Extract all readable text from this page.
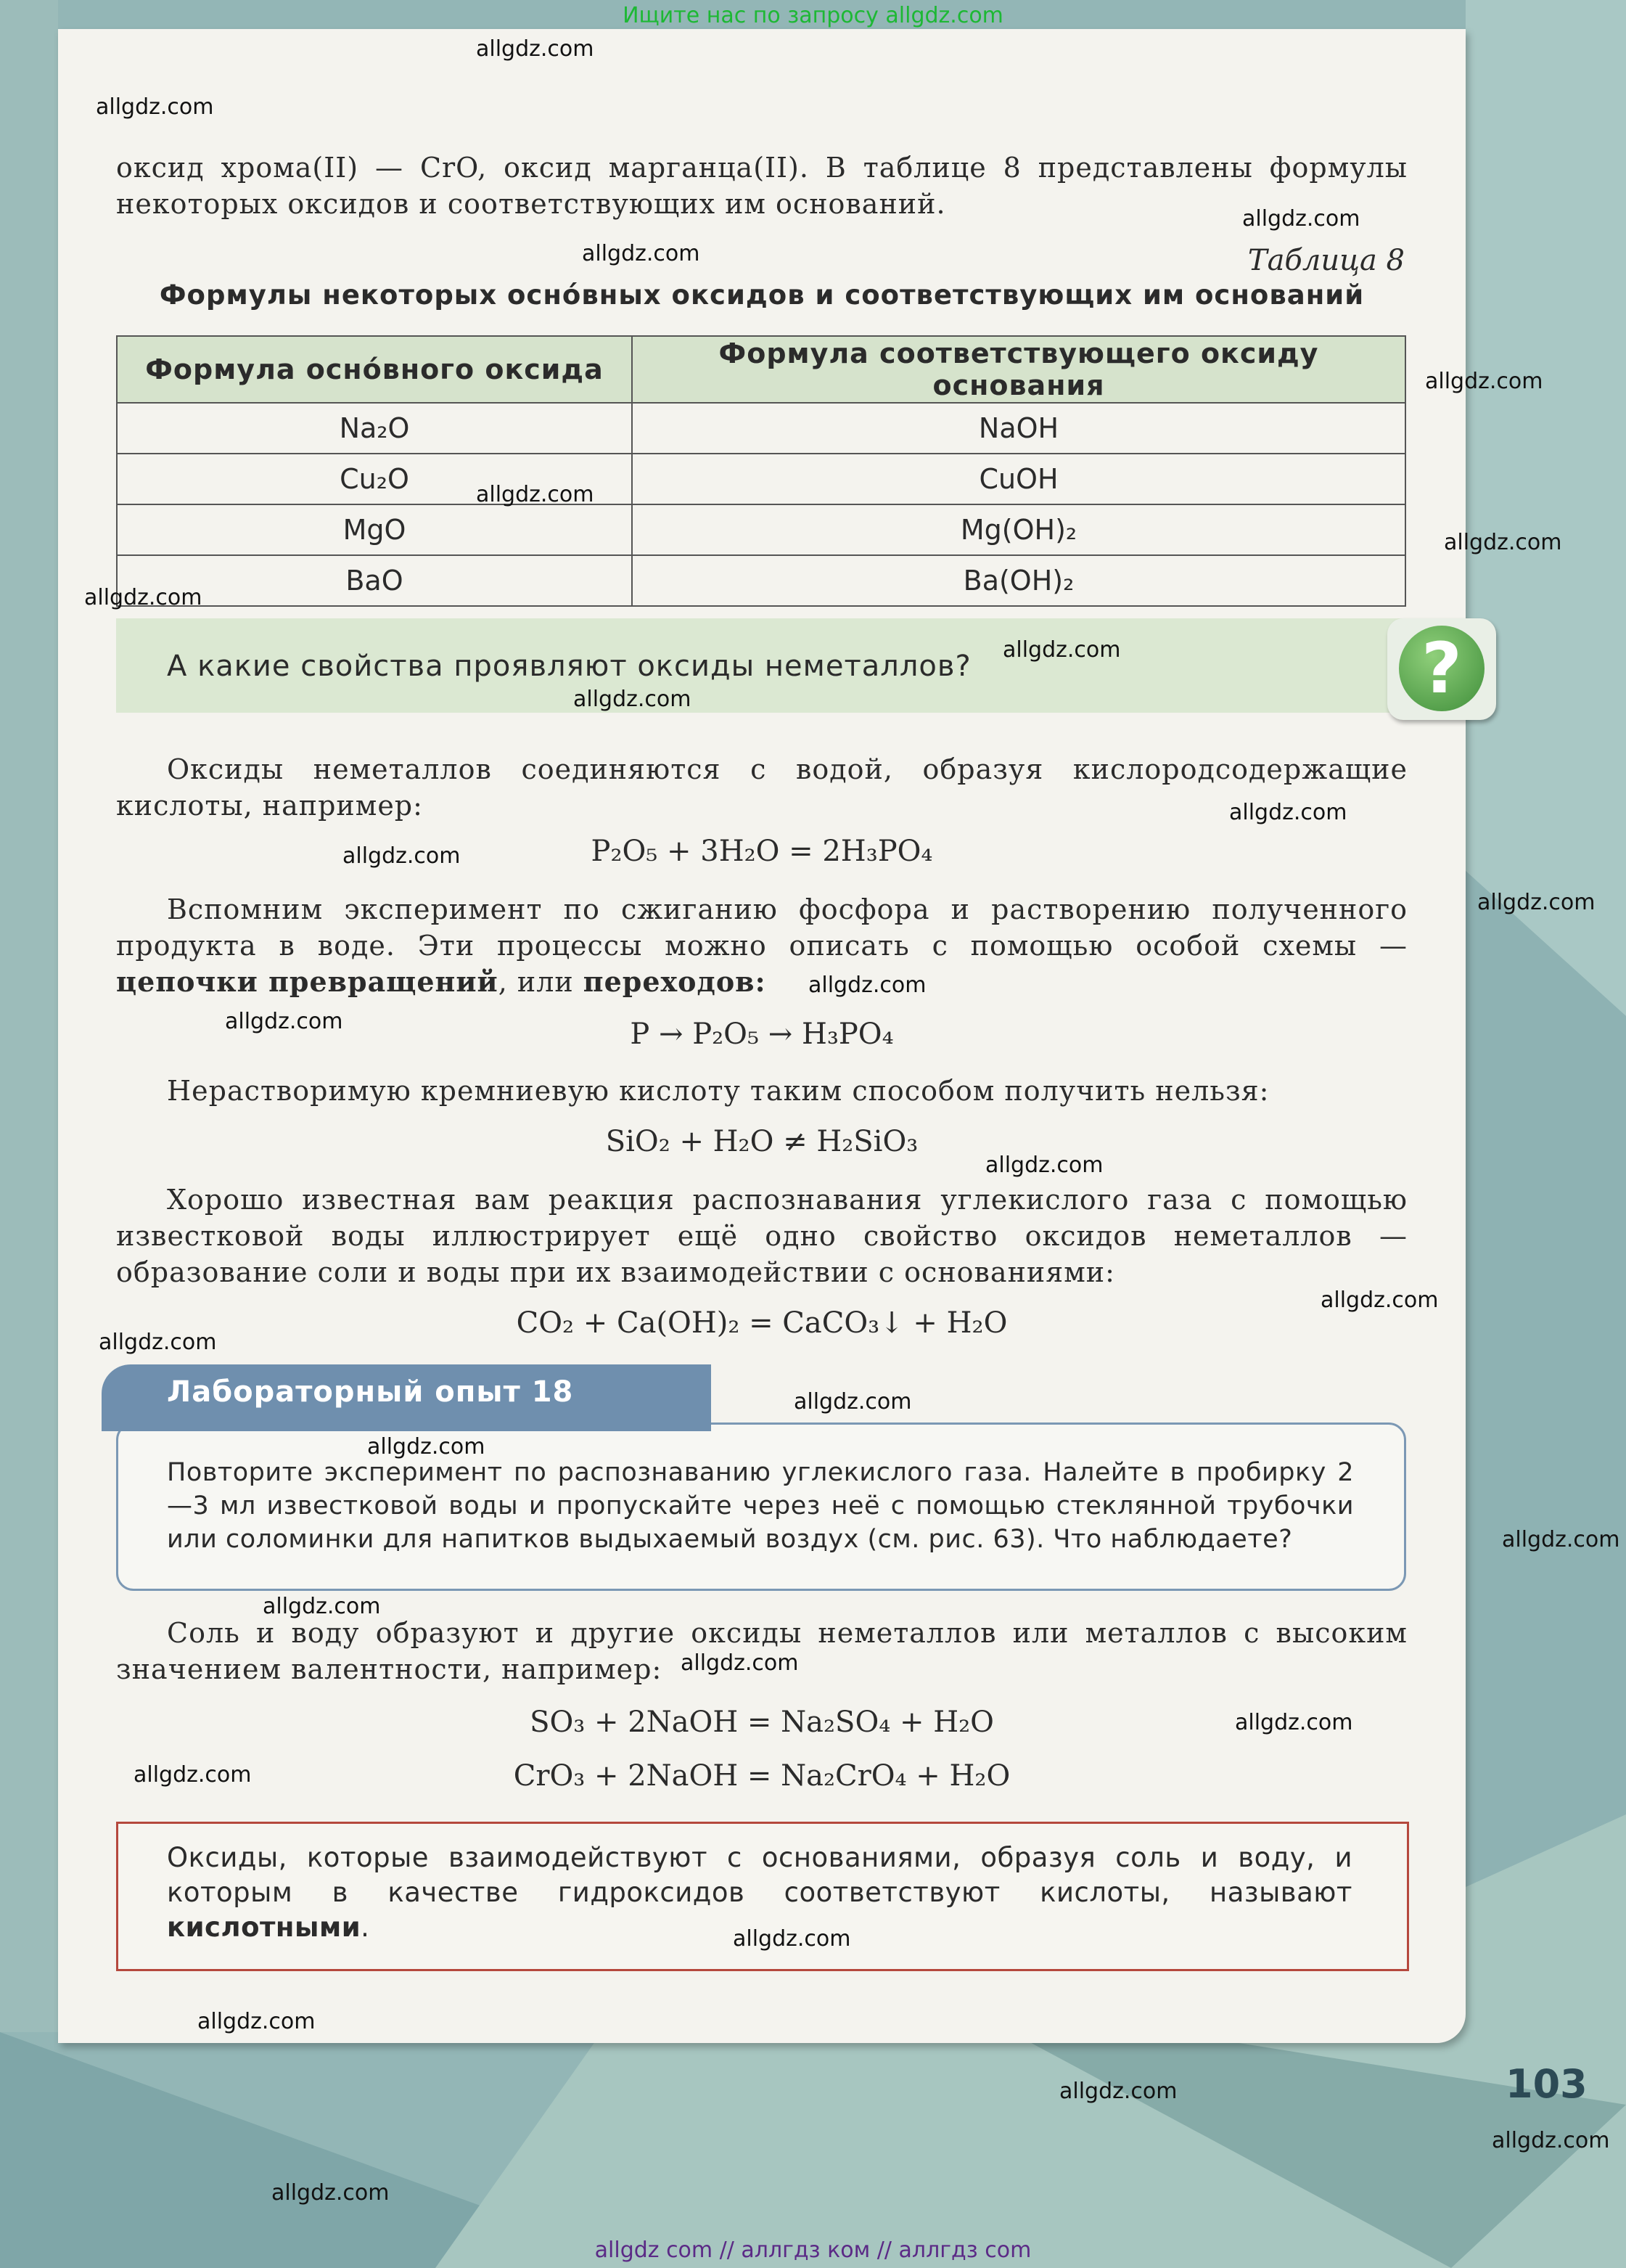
Ищите нас по запросу allgdz.com
оксид хрома(II) — CrO, оксид марганца(II). В таблице 8 представлены формулы некоторых оксидов и соответствующих им оснований.
Таблица 8
Формулы некоторых осно́вных оксидов и соответствующих им оснований
Формула осно́вного оксида	Формула соответствующего оксиду основания
Na₂O	NaOH
Cu₂O	CuOH
MgO	Mg(OH)₂
BaO	Ba(OH)₂
А какие свойства проявляют оксиды неметаллов?	?
Оксиды неметаллов соединяются с водой, образуя кислородсодержащие кислоты, например:
P₂O₅ + 3H₂O = 2H₃PO₄
Вспомним эксперимент по сжиганию фосфора и растворению полученного продукта в воде. Эти процессы можно описать с помощью особой схемы — цепочки превращений, или переходов:
P → P₂O₅ → H₃PO₄
Нерастворимую кремниевую кислоту таким способом получить нельзя:
SiO₂ + H₂O ≠ H₂SiO₃
Хорошо известная вам реакция распознавания углекислого газа с помощью известковой воды иллюстрирует ещё одно свойство оксидов неметаллов — образование соли и воды при их взаимодействии с основаниями:
CO₂ + Ca(OH)₂ = CaCO₃↓ + H₂O
Лабораторный опыт 18
Повторите эксперимент по распознаванию углекислого газа. Налейте в пробирку 2—3 мл известковой воды и пропускайте через неё с помощью стеклянной трубочки или соломинки для напитков выдыхаемый воздух (см. рис. 63). Что наблюдаете?
Соль и воду образуют и другие оксиды неметаллов или металлов с высоким значением валентности, например:
SO₃ + 2NaOH = Na₂SO₄ + H₂O
CrO₃ + 2NaOH = Na₂CrO₄ + H₂O
Оксиды, которые взаимодействуют с основаниями, образуя соль и воду, и которым в качестве гидроксидов соответствуют кислоты, называют кислотными.
103
allgdz.com
allgdz.com
allgdz.com
allgdz.com
allgdz.com
allgdz.com
allgdz.com
allgdz.com
allgdz.com
allgdz.com
allgdz.com
allgdz.com
allgdz.com
allgdz.com
allgdz.com
allgdz.com
allgdz.com
allgdz.com
allgdz.com
allgdz.com
allgdz.com
allgdz.com
allgdz.com
allgdz.com
allgdz.com
allgdz.com
allgdz.com
allgdz.com
allgdz.com
allgdz.com
allgdz com // аллгдз ком // аллгдз com
